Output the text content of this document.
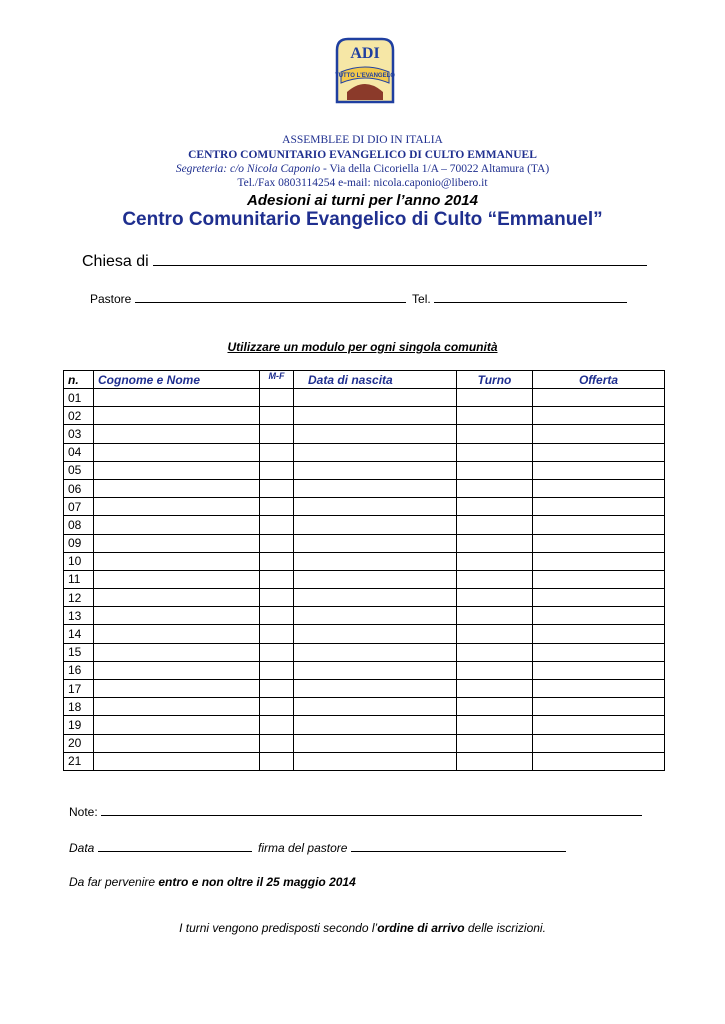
ADI
TUTTO L'EVANGELO
ASSEMBLEE DI DIO IN ITALIA
CENTRO COMUNITARIO EVANGELICO DI CULTO EMMANUEL
Segreteria: c/o Nicola Caponio - Via della Cicoriella 1/A – 70022 Altamura (TA)
Tel./Fax 0803114254 e-mail: nicola.caponio@libero.it
Adesioni ai turni per l’anno 2014
Centro Comunitario Evangelico di Culto “Emmanuel”
Chiesa di
Pastore	Tel.
Utilizzare un modulo per ogni singola comunità
n.	Cognome e Nome	M-F	Data di nascita	Turno	Offerta
01					
02					
03					
04					
05					
06					
07					
08					
09					
10					
11					
12					
13					
14					
15					
16					
17					
18					
19					
20					
21					
Note:
Data	firma del pastore
Da far pervenire entro e non oltre il 25 maggio 2014
I turni vengono predisposti secondo l’ordine di arrivo delle iscrizioni.
